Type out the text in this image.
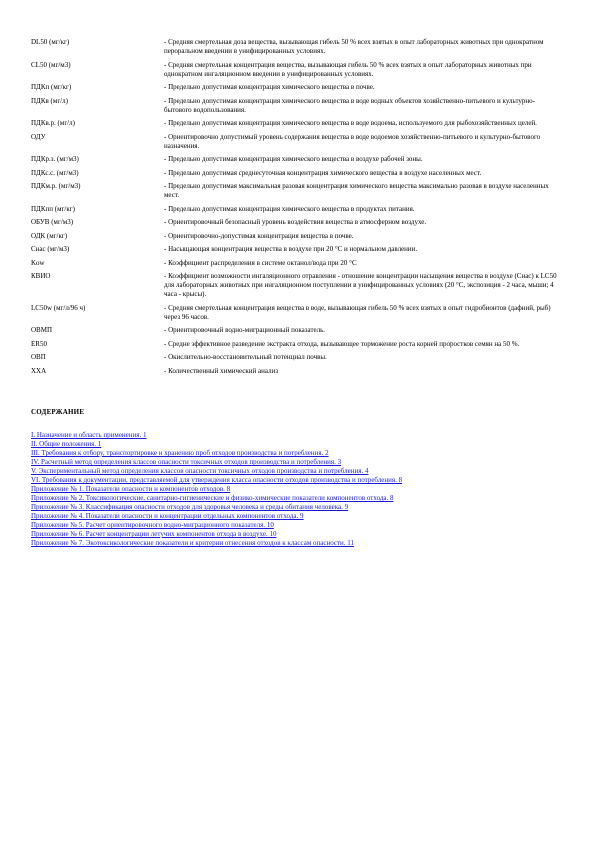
DL50 (мг/кг)	- Средняя смертельная доза вещества, вызывающая гибель 50 % всех взятых в опыт лабораторных животных при однократном пероральном введении в унифицированных условиях.
CL50 (мг/м3)	- Средняя смертельная концентрация вещества, вызывающая гибель 50 % всех взятых в опыт лабораторных животных при однократном ингаляционном введении в унифицированных условиях.
ПДКп (мг/кг)	- Предельно допустимая концентрация химического вещества в почве.
ПДКв (мг/л)	- Предельно допустимая концентрация химического вещества в воде водных объектов хозяйственно-питьевого и культурно-бытового водопользования.
ПДКв.р. (мг/л)	- Предельно допустимая концентрация химического вещества в воде водоема, используемого для рыбохозяйственных целей.
ОДУ	- Ориентировочно допустимый уровень содержания вещества в воде водоемов хозяйственно-питьевого и культурно-бытового назначения.
ПДКр.з. (мг/м3)	- Предельно допустимая концентрация химического вещества в воздухе рабочей зоны.
ПДКс.с. (мг/м3)	- Предельно допустимая среднесуточная концентрация химического вещества в воздухе населенных мест.
ПДКм.р. (мг/м3)	- Предельно допустимая максимальная разовая концентрация химического вещества максимально разовая в воздухе населенных мест.
ПДКпп (мг/кг)	- Предельно допустимая концентрация химического вещества в продуктах питания.
ОБУВ (мг/м3)	- Ориентировочный безопасный уровень воздействия вещества в атмосферном воздухе.
ОДК (мг/кг)	- Ориентировочно-допустимая концентрация вещества в почве.
Снас (мг/м3)	- Насыщающая концентрация вещества в воздухе при 20 °C и нормальном давлении.
Kow	- Коэффициент распределения в системе октанол/вода при 20 °C
КВИО	- Коэффициент возможности ингаляционного отравления - отношение концентрации насыщения вещества в воздухе (Снас) к LC50 для лабораторных животных при ингаляционном поступлении в унифицированных условиях (20 °C, экспозиция - 2 часа, мыши; 4 часа - крысы).
LC50w (мг/л/96 ч)	- Средняя смертельная концентрация вещества в воде, вызывающая гибель 50 % всех взятых в опыт гидробионтов (дафний, рыб) через 96 часов.
ОВМП	- Ориентировочный водно-миграционный показатель.
ER50	- Средне эффективное разведение экстракта отхода, вызывающее торможение роста корней проростков семян на 50 %.
ОВП	- Окислительно-восстановительный потенциал почвы.
ХХА	- Количественный химический анализ
СОДЕРЖАНИЕ
I. Назначение и область применения. 1
II. Общие положения. 1
III. Требования к отбору, транспортировке и хранению проб отходов производства и потребления. 2
IV. Расчетный метод определения классов опасности токсичных отходов производства и потребления. 3
V. Экспериментальный метод определения классов опасности токсичных отходов производства и потребления. 4
VI. Требования к документации, представляемой для утверждения класса опасности отходов производства и потребления. 8
Приложение № 1. Показатели опасности и компонентов отходов. 8
Приложение № 2. Токсикологические, санитарно-гигиенические и физико-химические показатели компонентов отхода. 8
Приложение № 3. Классификация опасности отходов для здоровья человека и среды обитания человека. 9
Приложение № 4. Показатели опасности и концентрации отдельных компонентов отхода. 9
Приложение № 5. Расчет ориентировочного водно-миграционного показателя. 10
Приложение № 6. Расчет концентрации летучих компонентов отхода в воздухе. 10
Приложение № 7. Экотоксикологические показатели и критерии отнесения отходов к классам опасности. 11
